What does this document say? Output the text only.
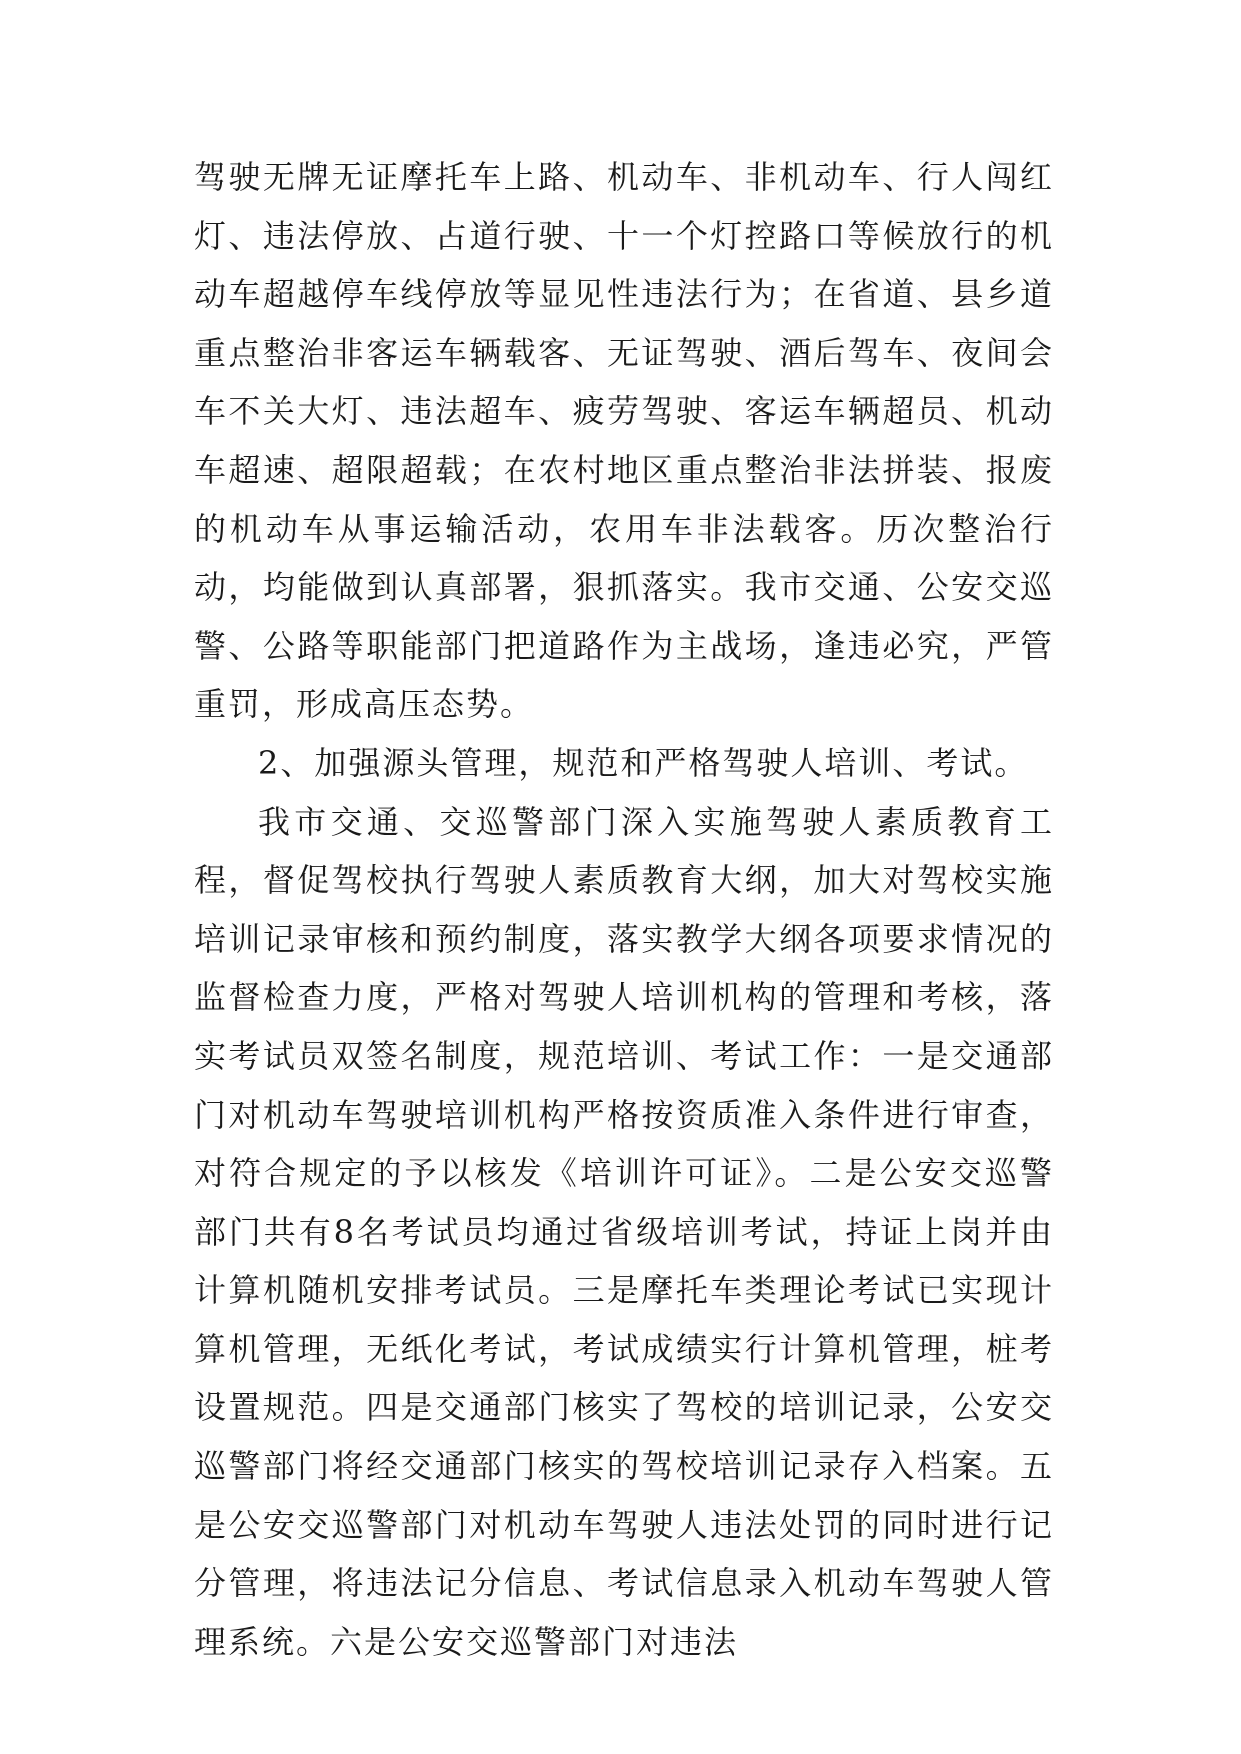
驾驶无牌无证摩托车上路、机动车、非机动车、行人闯红灯、违法停放、占道行驶、十一个灯控路口等候放行的机动车超越停车线停放等显见性违法行为；在省道、县乡道重点整治非客运车辆载客、无证驾驶、酒后驾车、夜间会车不关大灯、违法超车、疲劳驾驶、客运车辆超员、机动车超速、超限超载；在农村地区重点整治非法拼装、报废的机动车从事运输活动，农用车非法载客。历次整治行动，均能做到认真部署，狠抓落实。我市交通、公安交巡警、公路等职能部门把道路作为主战场，逢违必究，严管重罚，形成高压态势。

2、加强源头管理，规范和严格驾驶人培训、考试。

我市交通、交巡警部门深入实施驾驶人素质教育工程，督促驾校执行驾驶人素质教育大纲，加大对驾校实施培训记录审核和预约制度，落实教学大纲各项要求情况的监督检查力度，严格对驾驶人培训机构的管理和考核，落实考试员双签名制度，规范培训、考试工作：一是交通部门对机动车驾驶培训机构严格按资质准入条件进行审查，对符合规定的予以核发《培训许可证》。二是公安交巡警部门共有8名考试员均通过省级培训考试，持证上岗并由计算机随机安排考试员。三是摩托车类理论考试已实现计算机管理，无纸化考试，考试成绩实行计算机管理，桩考设置规范。四是交通部门核实了驾校的培训记录，公安交巡警部门将经交通部门核实的驾校培训记录存入档案。五是公安交巡警部门对机动车驾驶人违法处罚的同时进行记分管理，将违法记分信息、考试信息录入机动车驾驶人管理系统。六是公安交巡警部门对违法
